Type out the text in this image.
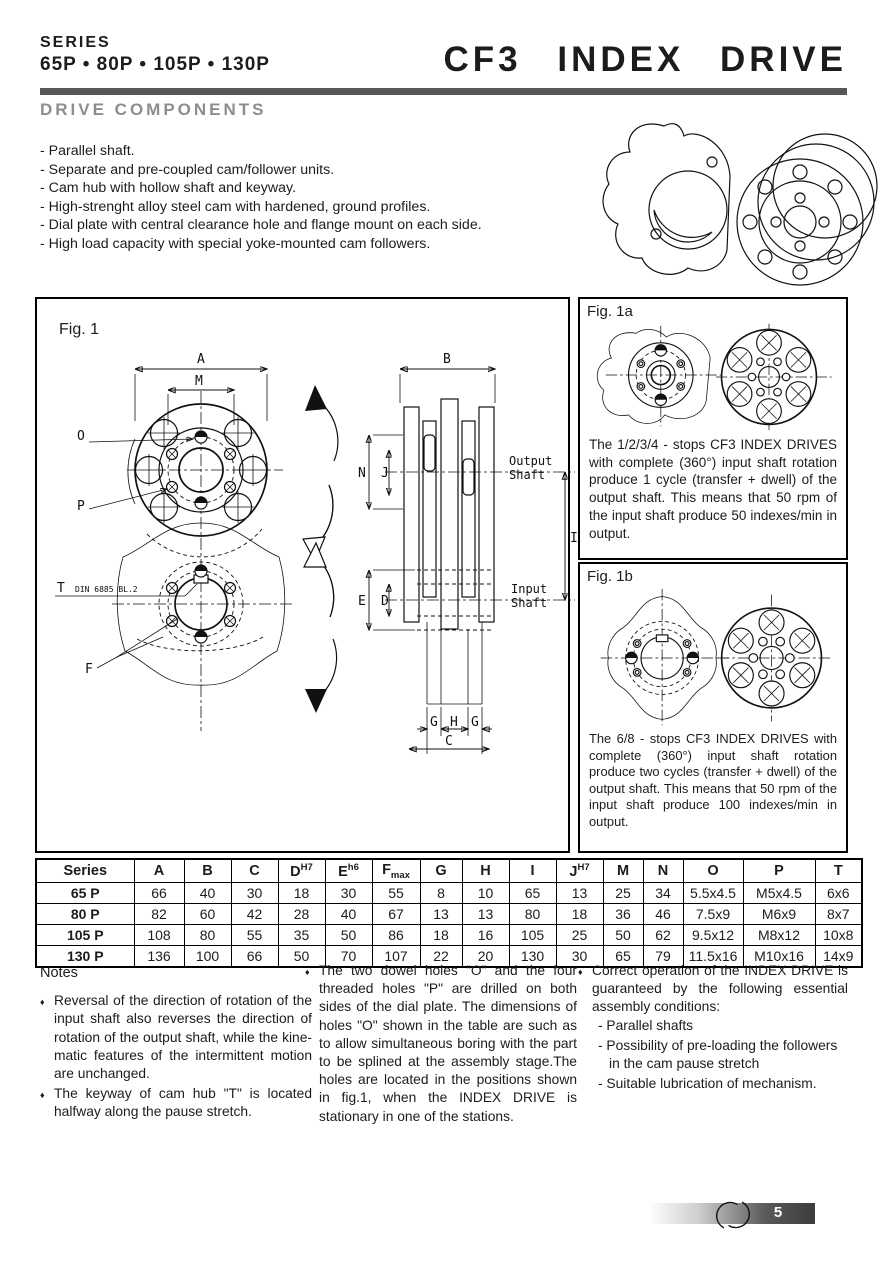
SERIES
65P • 80P • 105P • 130P	CF3 INDEX DRIVE
DRIVE COMPONENTS
- Parallel shaft.
- Separate and pre-coupled cam/follower units.
- Cam hub with hollow shaft and keyway.
- High-strenght alloy steel cam with hardened, ground profiles.
- Dial plate with central clearance hole and flange mount on each side.
- High load capacity with special yoke-mounted cam followers.
A
M
O
P
T DIN 6885 BL.2
F
B
N J
Output
Shaft
Input
Shaft
I
E D
G H G
C
Fig. 1
Fig. 1a

The 1/2/3/4 - stops CF3 INDEX DRIVES with complete (360°) input shaft rotation produce 1 cycle (transfer + dwell) of the output shaft. This means that 50 rpm of the input shaft produce 50 indexes/min in output.

Fig. 1b

The 6/8 - stops CF3 INDEX DRIVES with complete (360°) input shaft rotation produce two cycles (transfer + dwell) of the output shaft. This means that 50 rpm of the input shaft produce 100 indexes/min in output.

Series	A	B	C	$D^{H7}$	$E^{h6}$	$F_{max}$	G	H	I	$J^{H7}$	M	N	O	P	T
65 P	66	40	30	18	30	55	8	10	65	13	25	34	5.5x4.5	M5x4.5	6x6
80 P	82	60	42	28	40	67	13	13	80	18	36	46	7.5x9	M6x9	8x7
105 P	108	80	55	35	50	86	18	16	105	25	50	62	9.5x12	M8x12	10x8
130 P	136	100	66	50	70	107	22	20	130	30	65	79	11.5x16	M10x16	14x9
Notes
♦ Reversal of the direction of rotation of the input shaft also reverses the direction of rotation of the output shaft, while the kine-matic features of the intermittent motion are unchanged.
♦ The keyway of cam hub "T" is located halfway along the pause stretch.
♦ The two dowel holes "O" and the four threaded holes "P" are drilled on both sides of the dial plate. The dimensions of holes "O" shown in the table are such as to allow simultaneous boring with the part to be splined at the assembly stage.The holes are located in the positions shown in fig.1, when the INDEX DRIVE is stationary in one of the stations.
♦ Correct operation of the INDEX DRIVE is guaranteed by the following essential assembly conditions:
- Parallel shafts
- Possibility of pre-loading the followers in the cam pause stretch
- Suitable lubrication of mechanism.
5
